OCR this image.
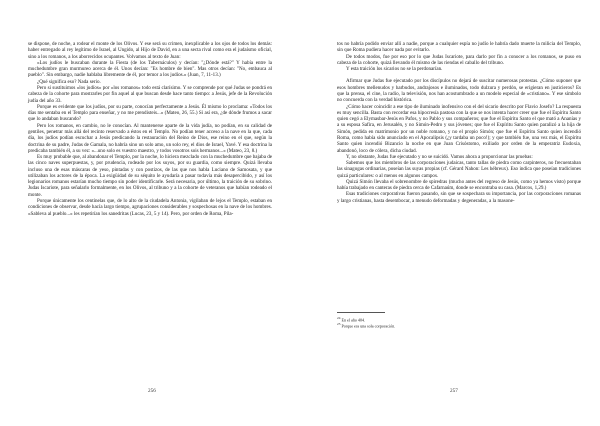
se dispone, de noche, a rodear el monte de los Olivos. Y ese será su crimen, inexplicable a los ojos de todos los demás: haber entregado al rey legítimo de Israel, al Ungido, al Hijo de David, en a una secta rival como era el judaísmo oficial, sino a los romanos, a los aborrecidos ocupantes. Volvamos al texto de Juan:

«Los judíos le buscaban durante la Fiesta (de los Tabernáculos) y decían: "¿Dónde está?" Y había entre la muchedumbre gran murmureo acerca de él. Unos decían: "Es hombre de bien". Mas otros decían: "No, embauca al pueblo". Sin embargo, nadie hablaba libremente de él, por temor a los judíos.» (Juan, 7, 11-13.)

¿Qué significa eso? Nada serio.

Pero si sustituimos «los judíos» por «los romanos» todo está clarísimo. Y se comprende por qué Judas se pondrá en cabeza de la cohorte para mostrarles por fin aquel al que buscan desde hace tanto tiempo: a Jesús, jefe de la Revolución judía del año 33.

Porque es evidente que los judíos, por su parte, conocían perfectamente a Jesús. Él mismo lo proclama: «Todos los días me sentaba en el Templo para enseñar, y no me prendisteis...» (Mateo, 26, 55.) Si así era, ¿de dónde frumos a sacar que lo andaban buscando?

Pero los romanos, en cambio, no le conocían. Al mantenerse aparte de la vida judía, no podían, en su calidad de gentiles, penetrar más allá del recinto reservado a éstos en el Templo. No podían tener acceso a la nave en la que, cada día, los judíos podían escuchar a Jesús predicando la restauración del Reino de Dios, ese reino en el que, según la doctrina de su padre, Judas de Gamala, no habría sino un solo amo, un solo rey, el dios de Israel, Yavé. Y esa doctrina la predicaba también él, a su vez: «...uno solo es vuestro maestro, y todos vosotros sois hermanos...» (Mateo, 23, 8.)

Es muy probable que, al abandonar el Templo, por la noche, lo hiciera mezclado con la muchedumbre que bajaba de las cinco naves superpuestas, y, por prudencia, rodeado por los suyos, por su guardia, como siempre. Quizá llevaba incluso una de esas máscaras de yeso, pintadas y con postizos, de las que nos habla Luciano de Samosata, y que utilizaban los actores de la época. La exigüidad de su séquito le ayudaría a pasar todavía más desapercibido, y así los legionarios romanos estarían mucho tiempo sin poder identificarle. Será necesaria, por último, la traición de su sobrino. Judas Iscariote, para señalarlo formalmente, en los Olivos, al tribuno y a la cohorte de veteranos que habían rodeado el monte.

Porque únicamente los centinelas que, de lo alto de la ciudadela Antonia, vigilaban de lejos el Templo, estaban en condiciones de observar, desde hacía largo tiempo, agrupaciones considerables y sospechosas en la nave de los hombres. «Sableva al pueblo...» les repetirían los sanedritas (Lucas, 23, 5 y 14). Pero, por orden de Roma, Pila-

256

tos no habría podido enviar allí a nadie, porque a cualquier espía no judío le habría dado muerte la milicia del Templo, sin que Roma pudiera hacer nada por evitarlo.

De todos modos, fue por eso por lo que Judas Iscariote, para darlo por fin a conocer a los romanos, se puso en cabeza de la cohorte, quizá llevando él mismo de las riendas el caballo del tribuno.

Y esta traición los sicarios no se la perdonarían.

Afirmar que Judas fue ejecutado por los discípulos no dejará de suscitar numerosas protestas. ¿Cómo suponer que esos hombres mellenudos y harbudos, andrajosos e iluminados, todo dulzura y perdón, se erigieran en justicieros? Es que la prensa, el cine, la radio, la televisión, nos han acostumbrado a un modelo especial de «cristiano». Y ese símbolo no concuerda con la verdad histórica.

¿Cómo hacer coincidir a ese tipo de iluminado inofensivo con el del sicario descrito por Flavio Josefo? La respuesta es muy sencilla. Basta con recordar esa hipocresía pastosa con la que se nos intenta hacer creer que fue el Espíritu Santo quien cegó a Elymasbar-Jesús en Pafos, y no Pablo y sus compañeros; que fue el Espíritu Santo el que mató a Ananías y a su esposa Safira, en Jerusalén, y no Simón-Pedro y sus jóvenes; que fue el Espíritu Santo quien paralizó a la hija de Simón, pedida en matrimonio por un noble romano, y no el propio Simón; que fue el Espíritu Santo quien incendió Roma, como había sido anunciado en el Apocalipsis (¿y tardaba un poco!); y que también fue, una vez más, el Espíritu Santo quien incendió Bizancio la noche en que Juan Crisóstomo, exiliado por orden de la emperatriz Eudoxia, abandonó, loco de cólera, dicha ciudad.

Y, no obstante, Judas fue ejecutado y no se suicidó. Vamos ahora a proporcionar las pruebas:

Sabemos que los miembros de las corporaciones judaicas, tanto tallas de piedra como carpinteros, no frecuentaban las sinagogas ordinarias, poseían las suyas propias (cf. Gérard Nahon: Les hébreux). Eso indica que poseían tradiciones quizá particulares: o al menos en algunos campos.

Quizá Simón llevaba el sobrenombre de spiredras (mucho antes del regreso de Jesús, como ya hemos visto) porque había trabajado en canteras de piedra cerca de Cafarnaúm, donde se encontraba su casa. (Marcos, 1,29.)

Esas tradiciones corporativas fueron pasando, sin que se sospechara su importancia, por las corporaciones romanas y largo cristianas, hasta desembocar, a menudo deformadas y degeneradas, a la masone-

$^{24}$ En el año 404.
$^{25}$ Porque era una sola corporación.
257
